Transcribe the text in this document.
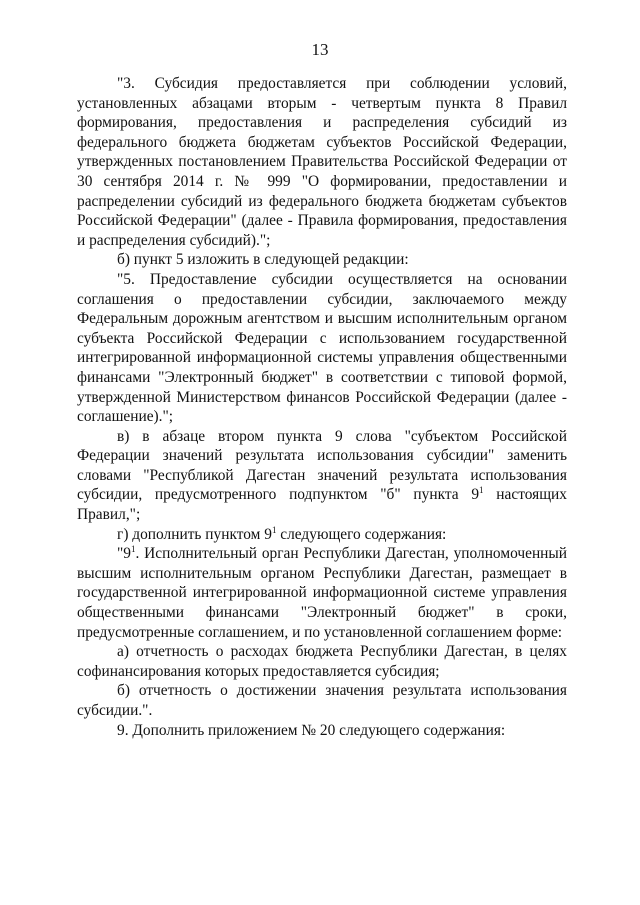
13

"3. Субсидия предоставляется при соблюдении условий, установленных абзацами вторым - четвертым пункта 8 Правил формирования, предоставления и распределения субсидий из федерального бюджета бюджетам субъектов Российской Федерации, утвержденных постановлением Правительства Российской Федерации от 30 сентября 2014 г. № 999 "О формировании, предоставлении и распределении субсидий из федерального бюджета бюджетам субъектов Российской Федерации" (далее - Правила формирования, предоставления и распределения субсидий).";

б) пункт 5 изложить в следующей редакции:

"5. Предоставление субсидии осуществляется на основании соглашения о предоставлении субсидии, заключаемого между Федеральным дорожным агентством и высшим исполнительным органом субъекта Российской Федерации с использованием государственной интегрированной информационной системы управления общественными финансами "Электронный бюджет" в соответствии с типовой формой, утвержденной Министерством финансов Российской Федерации (далее - соглашение).";

в) в абзаце втором пункта 9 слова "субъектом Российской Федерации значений результата использования субсидии" заменить словами "Республикой Дагестан значений результата использования субсидии, предусмотренного подпунктом "б" пункта $9^1$ настоящих Правил,";

г) дополнить пунктом $9^1$ следующего содержания:

"$9^1$. Исполнительный орган Республики Дагестан, уполномоченный высшим исполнительным органом Республики Дагестан, размещает в государственной интегрированной информационной системе управления общественными финансами "Электронный бюджет" в сроки, предусмотренные соглашением, и по установленной соглашением форме:

а) отчетность о расходах бюджета Республики Дагестан, в целях софинансирования которых предоставляется субсидия;

б) отчетность о достижении значения результата использования субсидии.".

9. Дополнить приложением № 20 следующего содержания:
